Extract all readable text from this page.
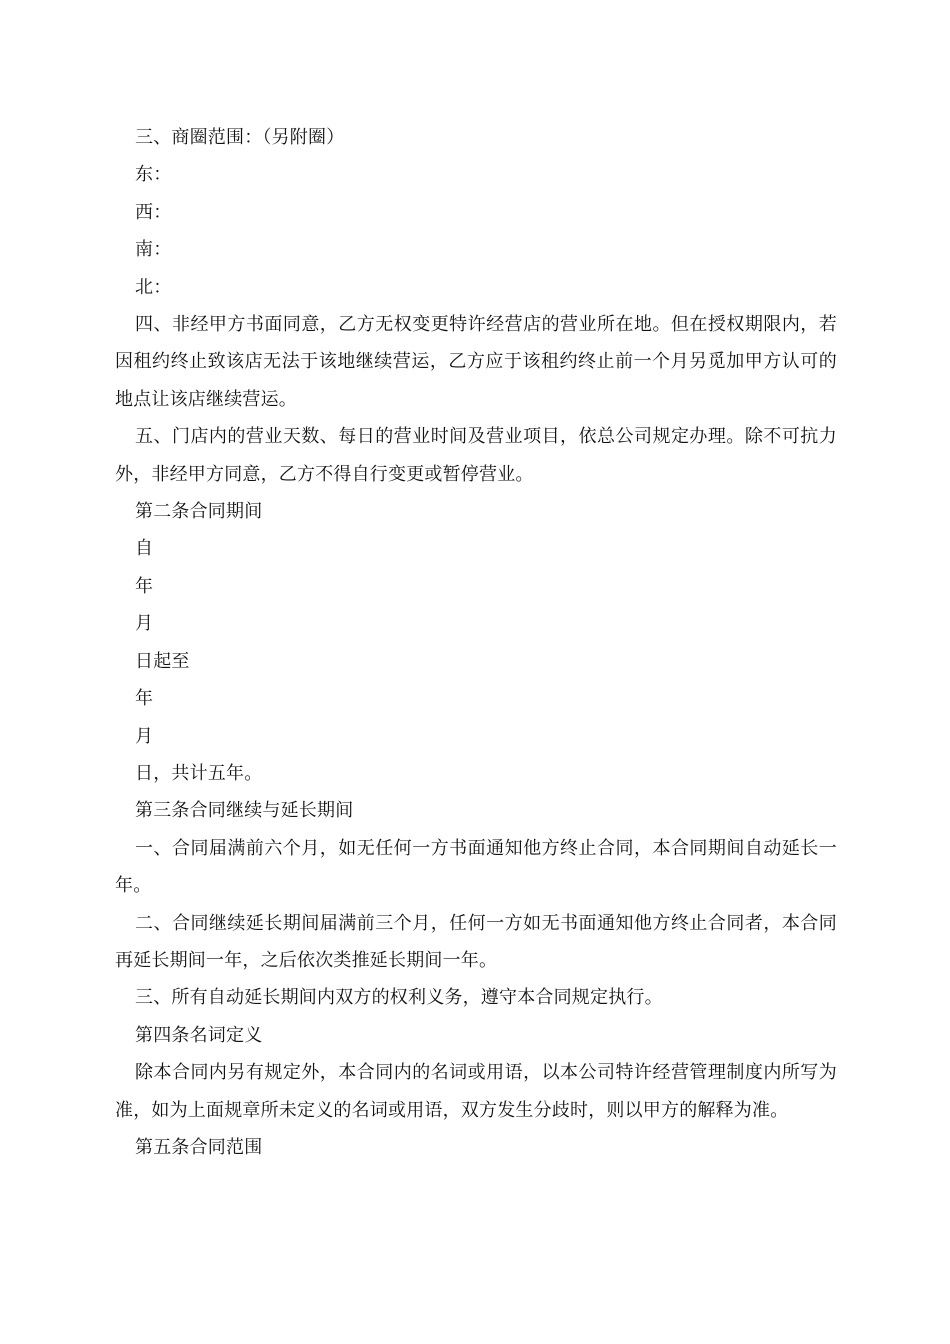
三、商圈范围：（另附圈）

东：

西：

南：

北：

四、非经甲方书面同意，乙方无权变更特许经营店的营业所在地。但在授权期限内，若因租约终止致该店无法于该地继续营运，乙方应于该租约终止前一个月另觅加甲方认可的地点让该店继续营运。

五、门店内的营业天数、每日的营业时间及营业项目，依总公司规定办理。除不可抗力外，非经甲方同意，乙方不得自行变更或暂停营业。

第二条合同期间

自

年

月

日起至

年

月

日，共计五年。

第三条合同继续与延长期间

一、合同届满前六个月，如无任何一方书面通知他方终止合同，本合同期间自动延长一年。

二、合同继续延长期间届满前三个月，任何一方如无书面通知他方终止合同者，本合同再延长期间一年，之后依次类推延长期间一年。

三、所有自动延长期间内双方的权利义务，遵守本合同规定执行。

第四条名词定义

除本合同内另有规定外，本合同内的名词或用语，以本公司特许经营管理制度内所写为准，如为上面规章所未定义的名词或用语，双方发生分歧时，则以甲方的解释为准。

第五条合同范围
